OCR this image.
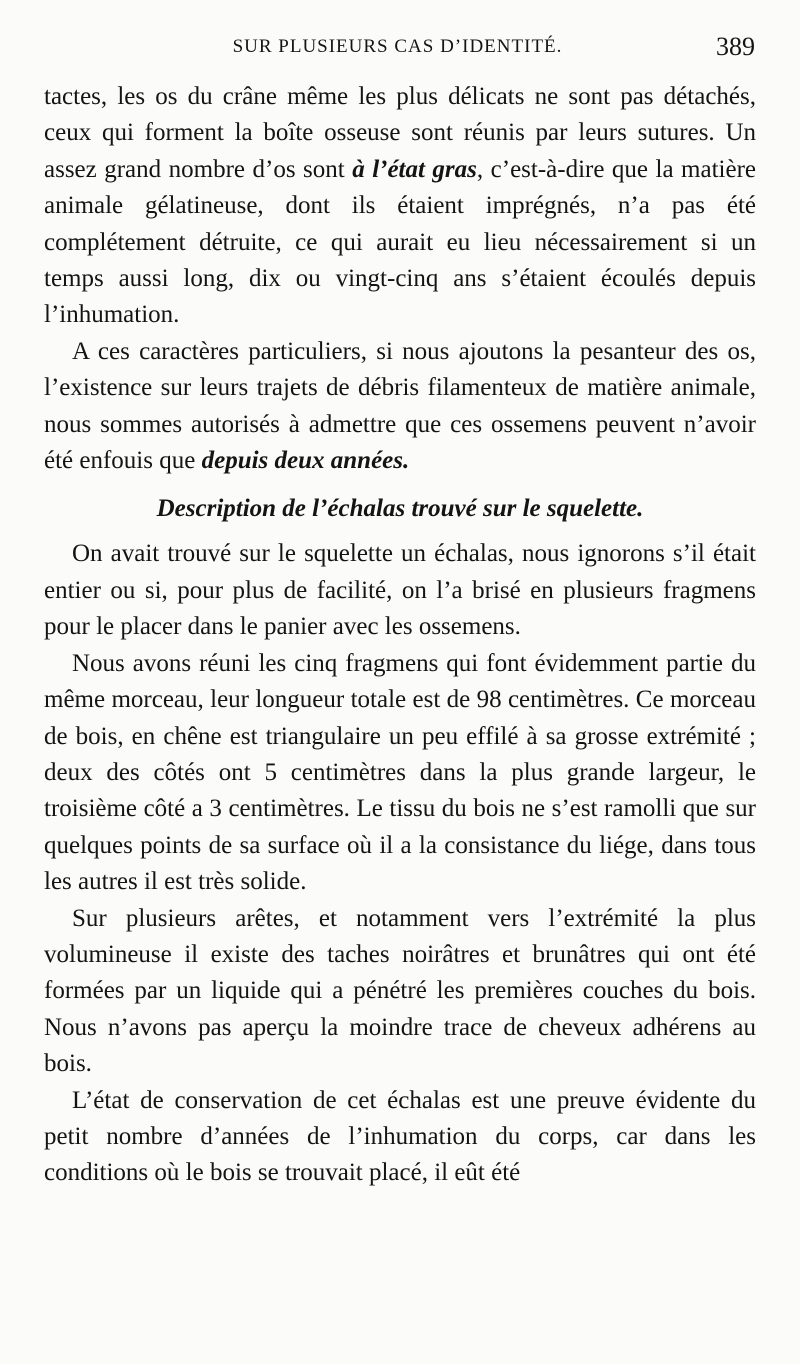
SUR PLUSIEURS CAS D’IDENTITÉ.	389

tactes, les os du crâne même les plus délicats ne sont pas détachés, ceux qui forment la boîte osseuse sont réunis par leurs sutures. Un assez grand nombre d’os sont à l’état gras, c’est-à-dire que la matière animale gélatineuse, dont ils étaient imprégnés, n’a pas été complétement détruite, ce qui aurait eu lieu nécessairement si un temps aussi long, dix ou vingt-cinq ans s’étaient écoulés depuis l’inhumation.

A ces caractères particuliers, si nous ajoutons la pesanteur des os, l’existence sur leurs trajets de débris filamenteux de matière animale, nous sommes autorisés à admettre que ces ossemens peuvent n’avoir été enfouis que depuis deux années.

Description de l’échalas trouvé sur le squelette.

On avait trouvé sur le squelette un échalas, nous ignorons s’il était entier ou si, pour plus de facilité, on l’a brisé en plusieurs fragmens pour le placer dans le panier avec les ossemens.

Nous avons réuni les cinq fragmens qui font évidemment partie du même morceau, leur longueur totale est de 98 centimètres. Ce morceau de bois, en chêne est triangulaire un peu effilé à sa grosse extrémité ; deux des côtés ont 5 centimètres dans la plus grande largeur, le troisième côté a 3 centimètres. Le tissu du bois ne s’est ramolli que sur quelques points de sa surface où il a la consistance du liége, dans tous les autres il est très solide.

Sur plusieurs arêtes, et notamment vers l’extrémité la plus volumineuse il existe des taches noirâtres et brunâtres qui ont été formées par un liquide qui a pénétré les premières couches du bois. Nous n’avons pas aperçu la moindre trace de cheveux adhérens au bois.

L’état de conservation de cet échalas est une preuve évidente du petit nombre d’années de l’inhumation du corps, car dans les conditions où le bois se trouvait placé, il eût été
